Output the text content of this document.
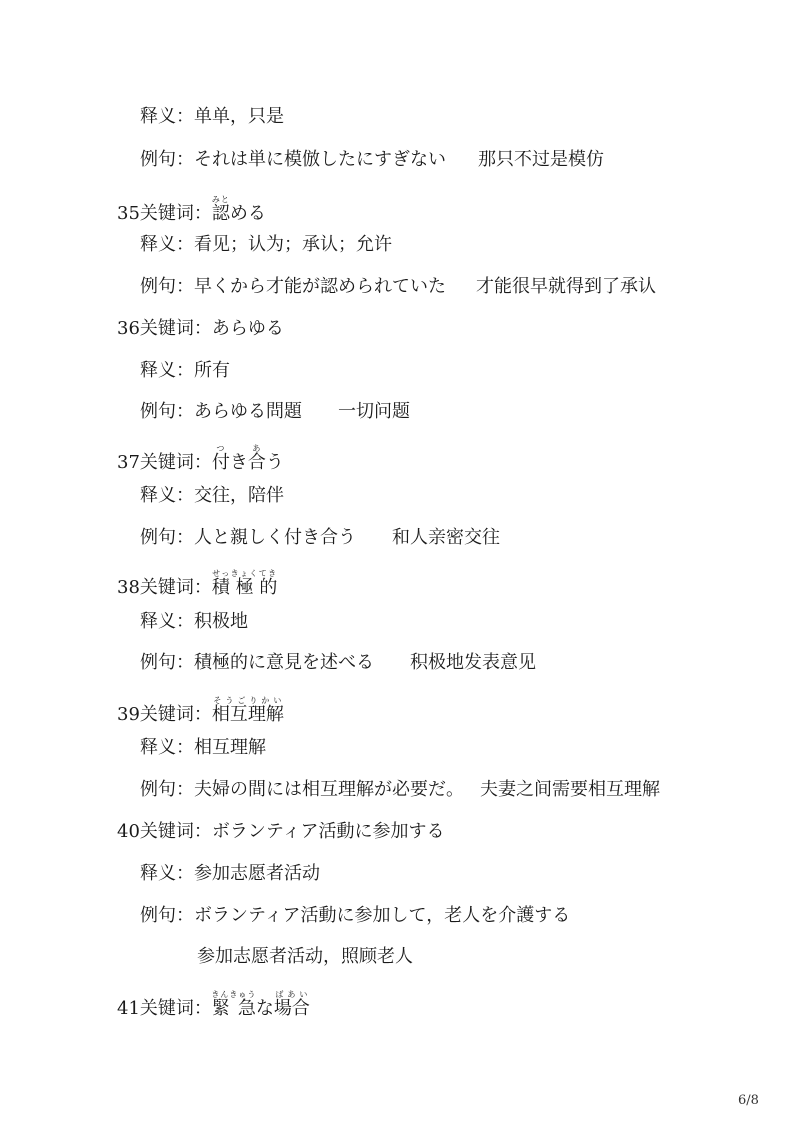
释义：单单，只是
例句：それは単に模倣したにすぎない 那只不过是模仿
35关键词：認みとめる
释义：看见；认为；承认；允许
例句：早くから才能が認められていた 才能很早就得到了承认
36关键词：あらゆる
释义：所有
例句：あらゆる問題 一切问题
37关键词：付つき合あう
释义：交往，陪伴
例句：人と親しく付き合う 和人亲密交往
38关键词：積 極 的せっきょくてき
释义：积极地
例句：積極的に意見を述べる 积极地发表意见
39关键词：相互理解そうごりかい
释义：相互理解
例句：夫婦の間には相互理解が必要だ。 夫妻之间需要相互理解
40关键词：ボランティア活動に参加する
释义：参加志愿者活动
例句：ボランティア活動に参加して，老人を介護する
参加志愿者活动，照顾老人
41关键词：緊 急きんきゅうな場合ばあい
6/8
